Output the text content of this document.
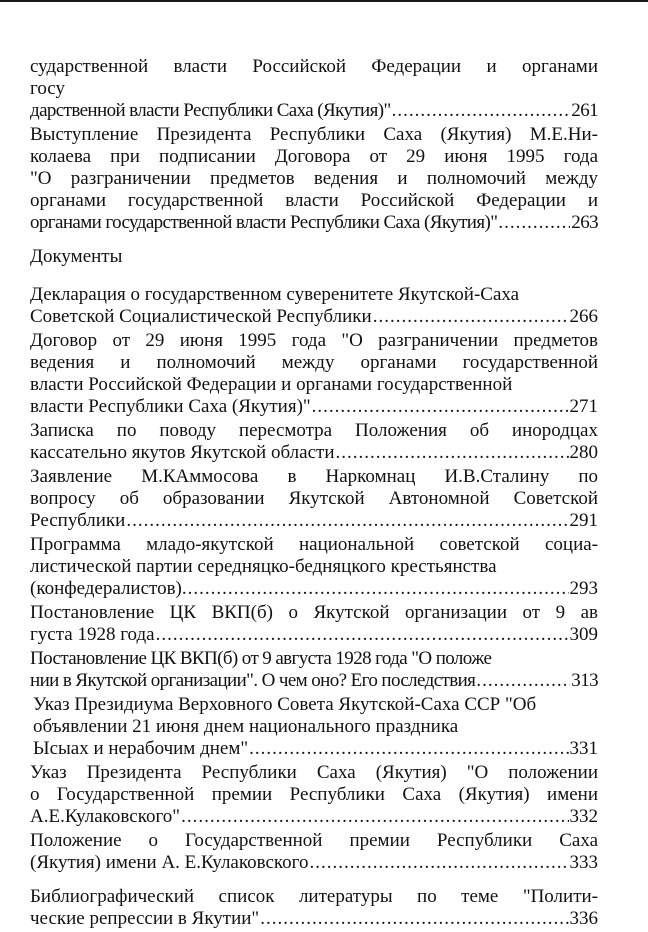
сударственной власти Российской Федерации и органами
госу
дарственной власти Республики Саха (Якутия)" .....	261
Выступление Президента Республики Саха (Якутия) М.Е.Ни-
колаева при подписании Договора от 29 июня 1995 года
"О разграничении предметов ведения и полномочий между
органами государственной власти Российской Федерации и
органами государственной власти Республики Саха (Якутия)" .....	263
Документы
Декларация о государственном суверенитете Якутской-Саха
Советской Социалистической Республики .....	266
Договор от 29 июня 1995 года "О разграничении предметов
ведения и полномочий между органами государственной
власти Российской Федерации и органами государственной
власти Республики Саха (Якутия)" .....	271
Записка по поводу пересмотра Положения об инородцах
кассательно якутов Якутской области .....	280
Заявление М.КАммосова в Наркомнац И.В.Сталину по
вопросу об образовании Якутской Автономной Советской
Республики .....	291
Программа младо-якутской национальной советской социа-
листической партии середняцко-бедняцкого крестьянства
(конфедералистов). .....	293
Постановление ЦК ВКП(б) о Якутской организации от 9 ав
густа 1928 года .....	309
Постановление ЦК ВКП(б) от 9 августа 1928 года "О положе
нии в Якутской организации". О чем оно? Его последствия .....	313
Указ Президиума Верховного Совета Якутской-Саха ССР "Об
объявлении 21 июня днем национального праздника
Ысыах и нерабочим днем" .....	331
Указ Президента Республики Саха (Якутия) "О положении
о Государственной премии Республики Саха (Якутия) имени
А.Е.Кулаковского" .....	332
Положение о Государственной премии Республики Саха
(Якутия) имени А. Е.Кулаковского .....	333
Библиографический список литературы по теме "Полити-
ческие репрессии в Якутии" .....	336
